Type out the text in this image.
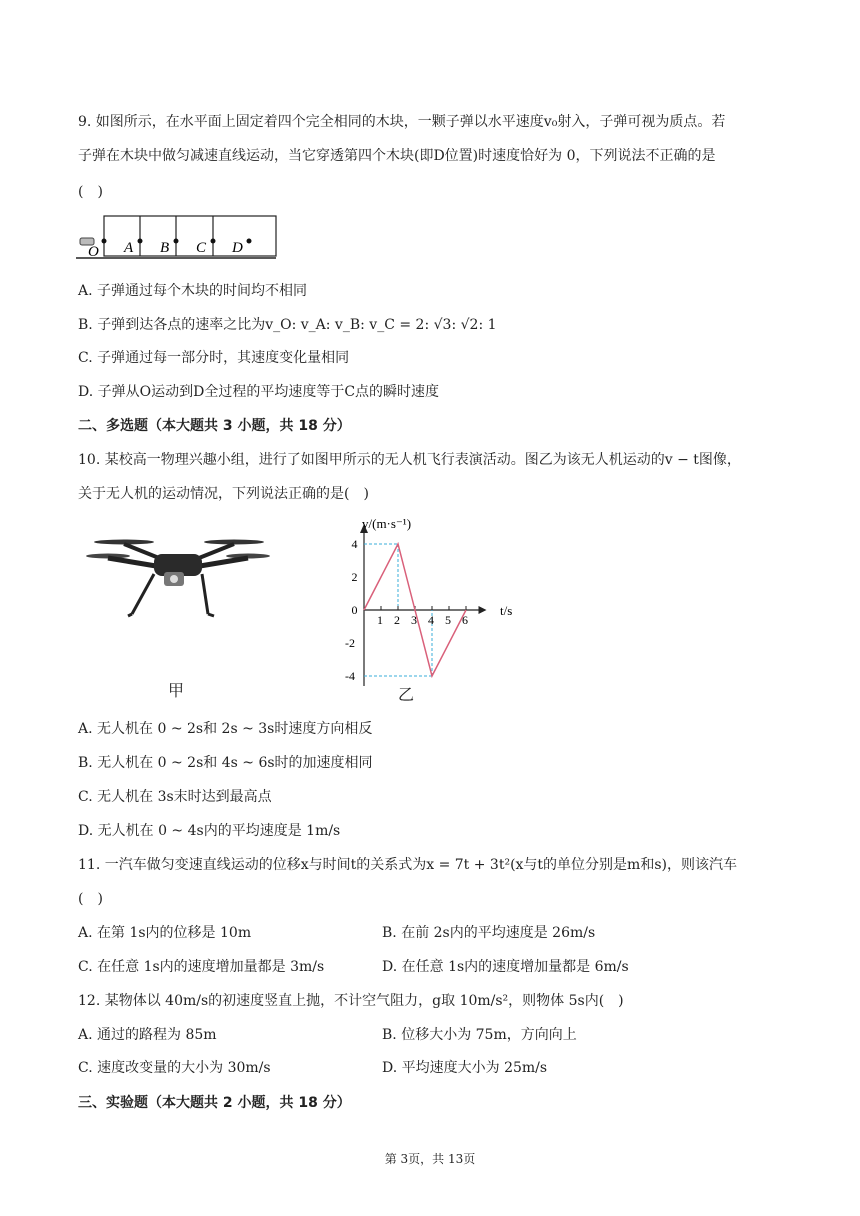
9. 如图所示，在水平面上固定着四个完全相同的木块，一颗子弹以水平速度v₀射入，子弹可视为质点。若
子弹在木块中做匀减速直线运动，当它穿透第四个木块(即D位置)时速度恰好为 0，下列说法不正确的是
(　)
O A B C D
A. 子弹通过每个木块的时间均不相同
B. 子弹到达各点的速率之比为v_O: v_A: v_B: v_C = 2: √3: √2: 1
C. 子弹通过每一部分时，其速度变化量相同
D. 子弹从O运动到D全过程的平均速度等于C点的瞬时速度
二、多选题（本大题共 3 小题，共 18 分）
10. 某校高一物理兴趣小组，进行了如图甲所示的无人机飞行表演活动。图乙为该无人机运动的v − t图像，
关于无人机的运动情况，下列说法正确的是(　)
甲
1 2 3 4 5 6
4
2
0
-2
-4
v/(m·s⁻¹)
t/s
乙
A. 无人机在 0 ~ 2s和 2s ~ 3s时速度方向相反
B. 无人机在 0 ~ 2s和 4s ~ 6s时的加速度相同
C. 无人机在 3s末时达到最高点
D. 无人机在 0 ~ 4s内的平均速度是 1m/s
11. 一汽车做匀变速直线运动的位移x与时间t的关系式为x = 7t + 3t²(x与t的单位分别是m和s)，则该汽车
(　)
A. 在第 1s内的位移是 10m	B. 在前 2s内的平均速度是 26m/s
C. 在任意 1s内的速度增加量都是 3m/s	D. 在任意 1s内的速度增加量都是 6m/s
12. 某物体以 40m/s的初速度竖直上抛，不计空气阻力，g取 10m/s²，则物体 5s内(　)
A. 通过的路程为 85m	B. 位移大小为 75m，方向向上
C. 速度改变量的大小为 30m/s	D. 平均速度大小为 25m/s
三、实验题（本大题共 2 小题，共 18 分）
第 3页，共 13页
